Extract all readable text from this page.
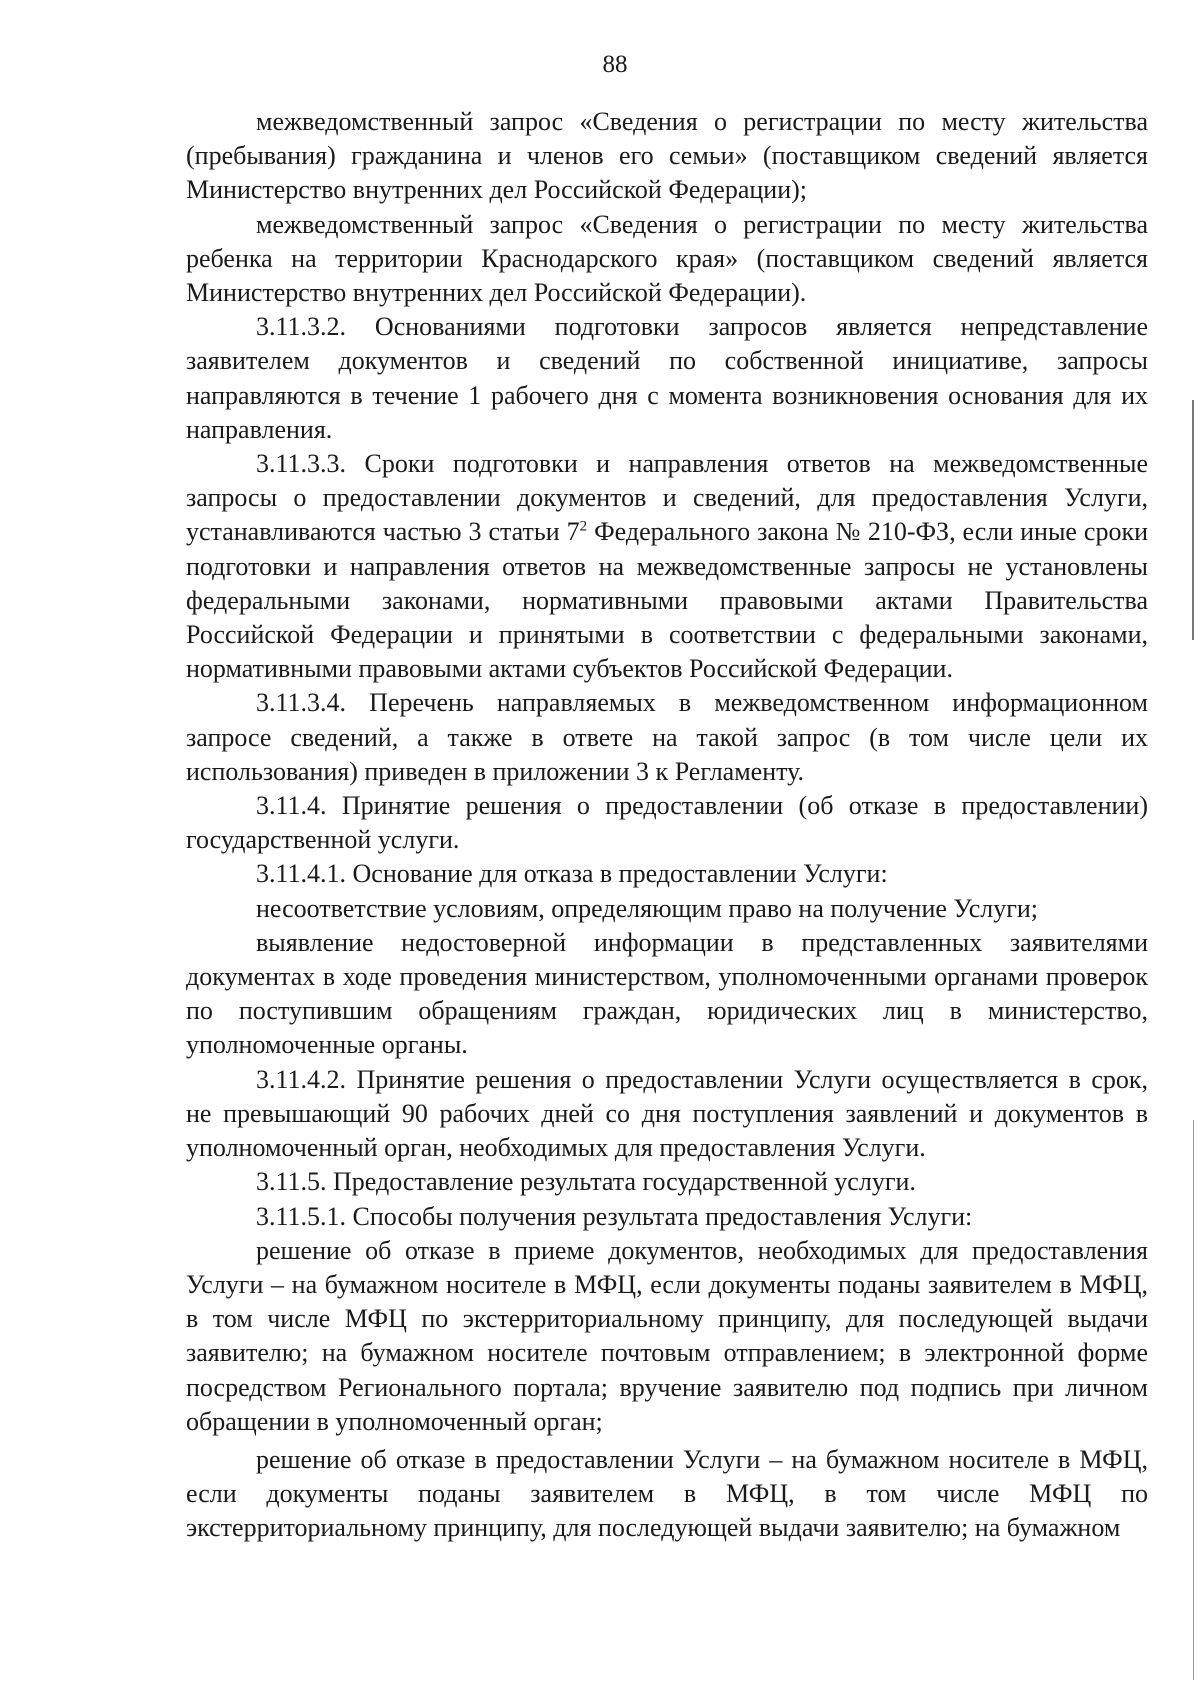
88

межведомственный запрос «Сведения о регистрации по месту жительства (пребывания) гражданина и членов его семьи» (поставщиком сведений является Министерство внутренних дел Российской Федерации);

межведомственный запрос «Сведения о регистрации по месту жительства ребенка на территории Краснодарского края» (поставщиком сведений является Министерство внутренних дел Российской Федерации).

3.11.3.2. Основаниями подготовки запросов является непредставление заявителем документов и сведений по собственной инициативе, запросы направляются в течение 1 рабочего дня с момента возникновения основания для их направления.

3.11.3.3. Сроки подготовки и направления ответов на межведомственные запросы о предоставлении документов и сведений, для предоставления Услуги, устанавливаются частью 3 статьи $7^2$ Федерального закона № 210-ФЗ, если иные сроки подготовки и направления ответов на межведомственные запросы не установлены федеральными законами, нормативными правовыми актами Правительства Российской Федерации и принятыми в соответствии с федеральными законами, нормативными правовыми актами субъектов Российской Федерации.

3.11.3.4. Перечень направляемых в межведомственном информационном запросе сведений, а также в ответе на такой запрос (в том числе цели их использования) приведен в приложении 3 к Регламенту.

3.11.4. Принятие решения о предоставлении (об отказе в предоставлении) государственной услуги.

3.11.4.1. Основание для отказа в предоставлении Услуги:

несоответствие условиям, определяющим право на получение Услуги;

выявление недостоверной информации в представленных заявителями документах в ходе проведения министерством, уполномоченными органами проверок по поступившим обращениям граждан, юридических лиц в министерство, уполномоченные органы.

3.11.4.2. Принятие решения о предоставлении Услуги осуществляется в срок, не превышающий 90 рабочих дней со дня поступления заявлений и документов в уполномоченный орган, необходимых для предоставления Услуги.

3.11.5. Предоставление результата государственной услуги.

3.11.5.1. Способы получения результата предоставления Услуги:

решение об отказе в приеме документов, необходимых для предоставления Услуги – на бумажном носителе в МФЦ, если документы поданы заявителем в МФЦ, в том числе МФЦ по экстерриториальному принципу, для последующей выдачи заявителю; на бумажном носителе почтовым отправлением; в электронной форме посредством Регионального портала; вручение заявителю под подпись при личном обращении в уполномоченный орган;

решение об отказе в предоставлении Услуги – на бумажном носителе в МФЦ, если документы поданы заявителем в МФЦ, в том числе МФЦ по экстерриториальному принципу, для последующей выдачи заявителю; на бумажном
